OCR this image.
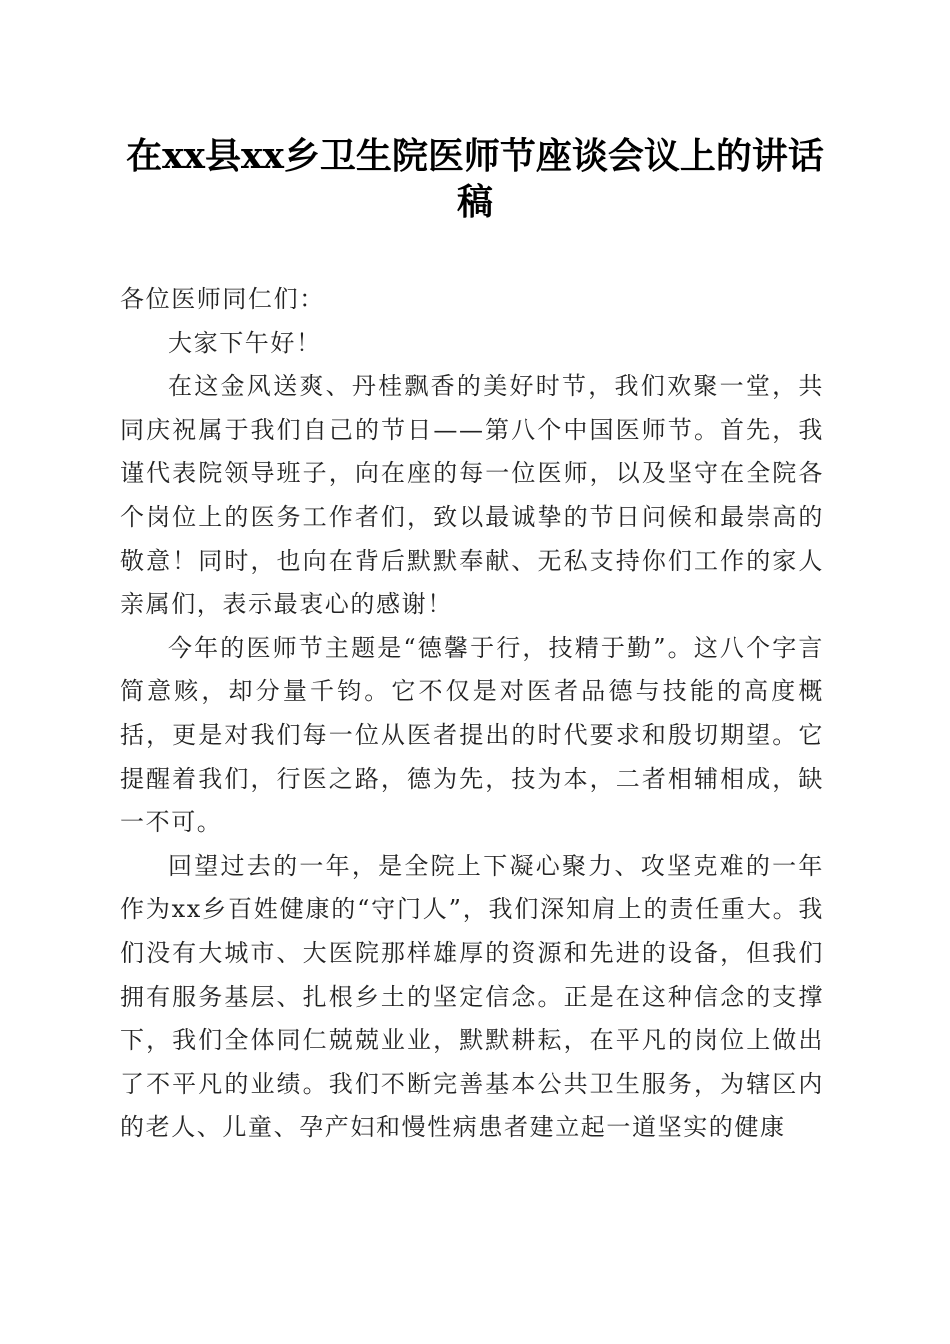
在xx县xx乡卫生院医师节座谈会议上的讲话稿

各位医师同仁们：

大家下午好！

在这金风送爽、丹桂飘香的美好时节，我们欢聚一堂，共同庆祝属于我们自己的节日——第八个中国医师节。首先，我谨代表院领导班子，向在座的每一位医师，以及坚守在全院各个岗位上的医务工作者们，致以最诚挚的节日问候和最崇高的敬意！同时，也向在背后默默奉献、无私支持你们工作的家人亲属们，表示最衷心的感谢！

今年的医师节主题是“德馨于行，技精于勤”。这八个字言简意赅，却分量千钧。它不仅是对医者品德与技能的高度概括，更是对我们每一位从医者提出的时代要求和殷切期望。它提醒着我们，行医之路，德为先，技为本，二者相辅相成，缺一不可。

回望过去的一年，是全院上下凝心聚力、攻坚克难的一年作为xx乡百姓健康的“守门人”，我们深知肩上的责任重大。我们没有大城市、大医院那样雄厚的资源和先进的设备，但我们拥有服务基层、扎根乡土的坚定信念。正是在这种信念的支撑下，我们全体同仁兢兢业业，默默耕耘，在平凡的岗位上做出了不平凡的业绩。我们不断完善基本公共卫生服务，为辖区内的老人、儿童、孕产妇和慢性病患者建立起一道坚实的健康
